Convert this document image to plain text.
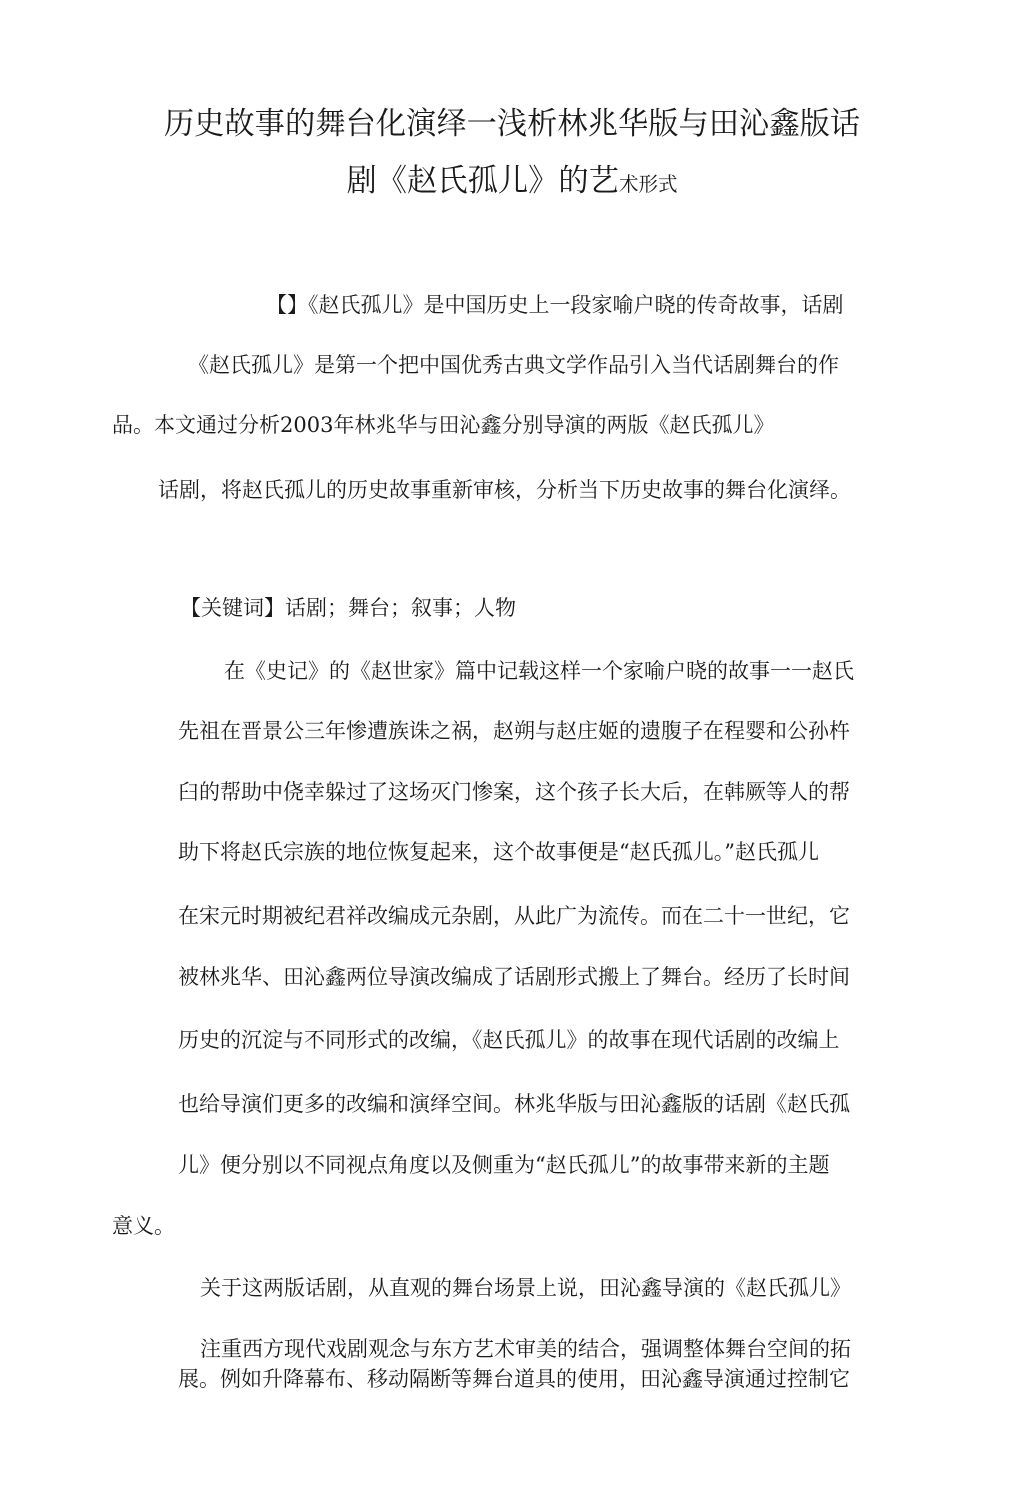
历史故事的舞台化演绎一浅析林兆华版与田沁鑫版话
剧《赵氏孤儿》的艺术形式
【】《赵氏孤儿》是中国历史上一段家喻户晓的传奇故事，话剧
《赵氏孤儿》是第一个把中国优秀古典文学作品引入当代话剧舞台的作
品。本文通过分析2003年林兆华与田沁鑫分别导演的两版《赵氏孤儿》
话剧，将赵氏孤儿的历史故事重新审核，分析当下历史故事的舞台化演绎。
【关键词】话剧；舞台；叙事；人物
在《史记》的《赵世家》篇中记载这样一个家喻户晓的故事一一赵氏
先祖在晋景公三年惨遭族诛之祸，赵朔与赵庄姬的遗腹子在程婴和公孙杵
臼的帮助中侥幸躲过了这场灭门惨案，这个孩子长大后，在韩厥等人的帮
助下将赵氏宗族的地位恢复起来，这个故事便是“赵氏孤儿。”赵氏孤儿
在宋元时期被纪君祥改编成元杂剧，从此广为流传。而在二十一世纪，它
被林兆华、田沁鑫两位导演改编成了话剧形式搬上了舞台。经历了长时间
历史的沉淀与不同形式的改编，《赵氏孤儿》的故事在现代话剧的改编上
也给导演们更多的改编和演绎空间。林兆华版与田沁鑫版的话剧《赵氏孤
儿》便分别以不同视点角度以及侧重为“赵氏孤儿”的故事带来新的主题
意义。
关于这两版话剧，从直观的舞台场景上说，田沁鑫导演的《赵氏孤儿》
注重西方现代戏剧观念与东方艺术审美的结合，强调整体舞台空间的拓
展。例如升降幕布、移动隔断等舞台道具的使用，田沁鑫导演通过控制它
